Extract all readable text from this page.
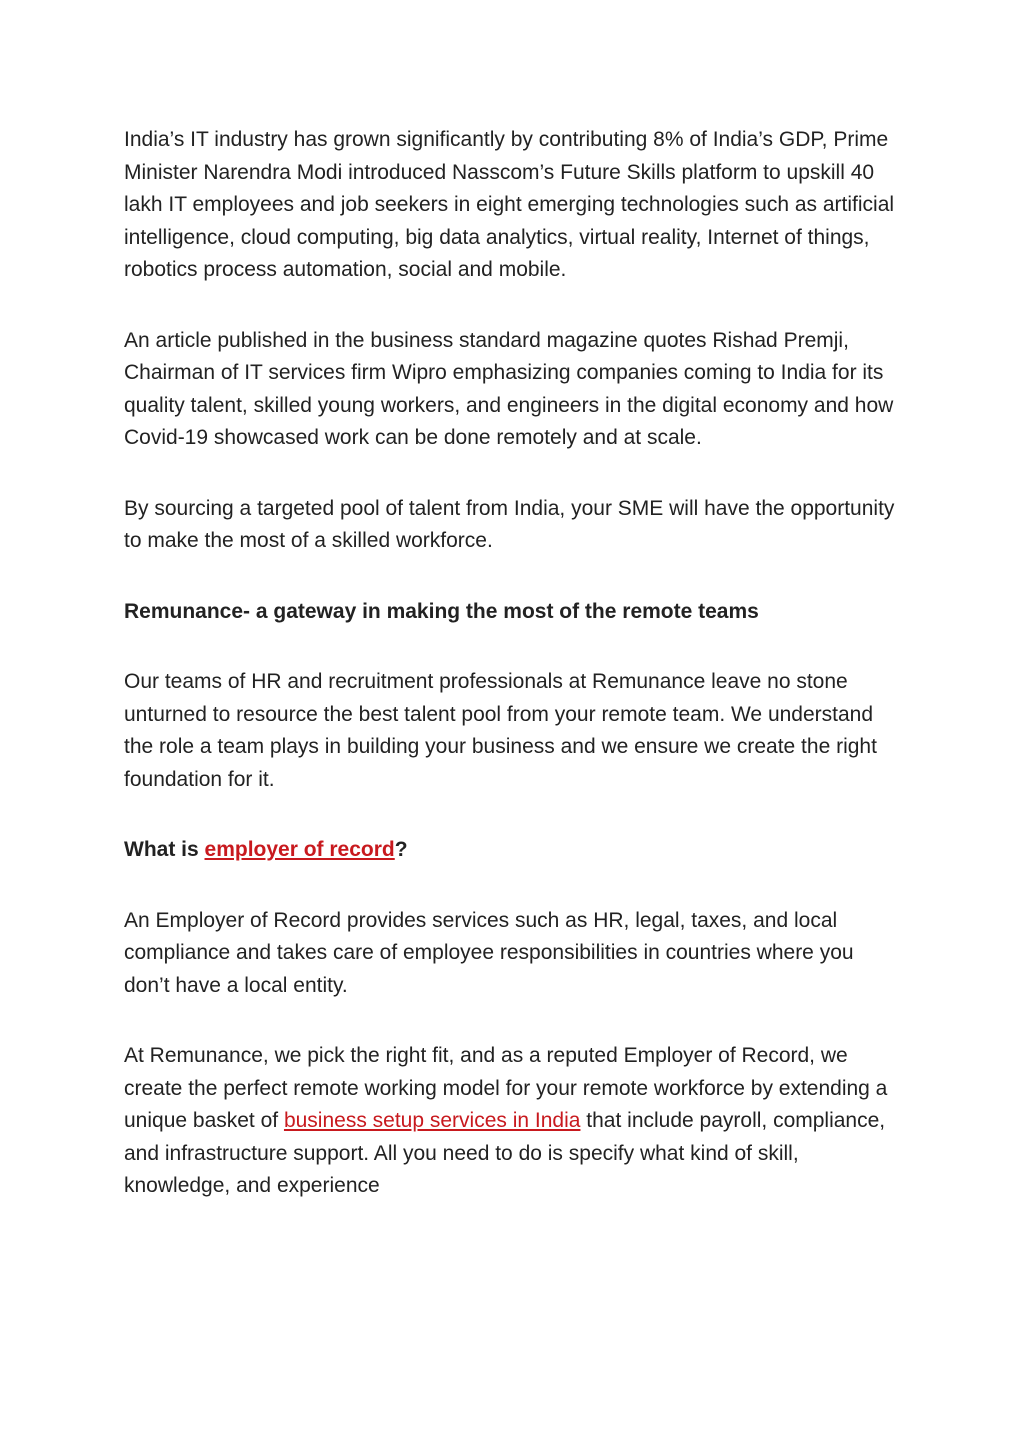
India’s IT industry has grown significantly by contributing 8% of India’s GDP, Prime Minister Narendra Modi introduced Nasscom’s Future Skills platform to upskill 40 lakh IT employees and job seekers in eight emerging technologies such as artificial intelligence, cloud computing, big data analytics, virtual reality, Internet of things, robotics process automation, social and mobile.

An article published in the business standard magazine quotes Rishad Premji, Chairman of IT services firm Wipro emphasizing companies coming to India for its quality talent, skilled young workers, and engineers in the digital economy and how Covid-19 showcased work can be done remotely and at scale.

By sourcing a targeted pool of talent from India, your SME will have the opportunity to make the most of a skilled workforce.

Remunance- a gateway in making the most of the remote teams

Our teams of HR and recruitment professionals at Remunance leave no stone unturned to resource the best talent pool from your remote team. We understand the role a team plays in building your business and we ensure we create the right foundation for it.

What is employer of record?

An Employer of Record provides services such as HR, legal, taxes, and local compliance and takes care of employee responsibilities in countries where you don’t have a local entity.

At Remunance, we pick the right fit, and as a reputed Employer of Record, we create the perfect remote working model for your remote workforce by extending a unique basket of business setup services in India that include payroll, compliance, and infrastructure support. All you need to do is specify what kind of skill, knowledge, and experience
